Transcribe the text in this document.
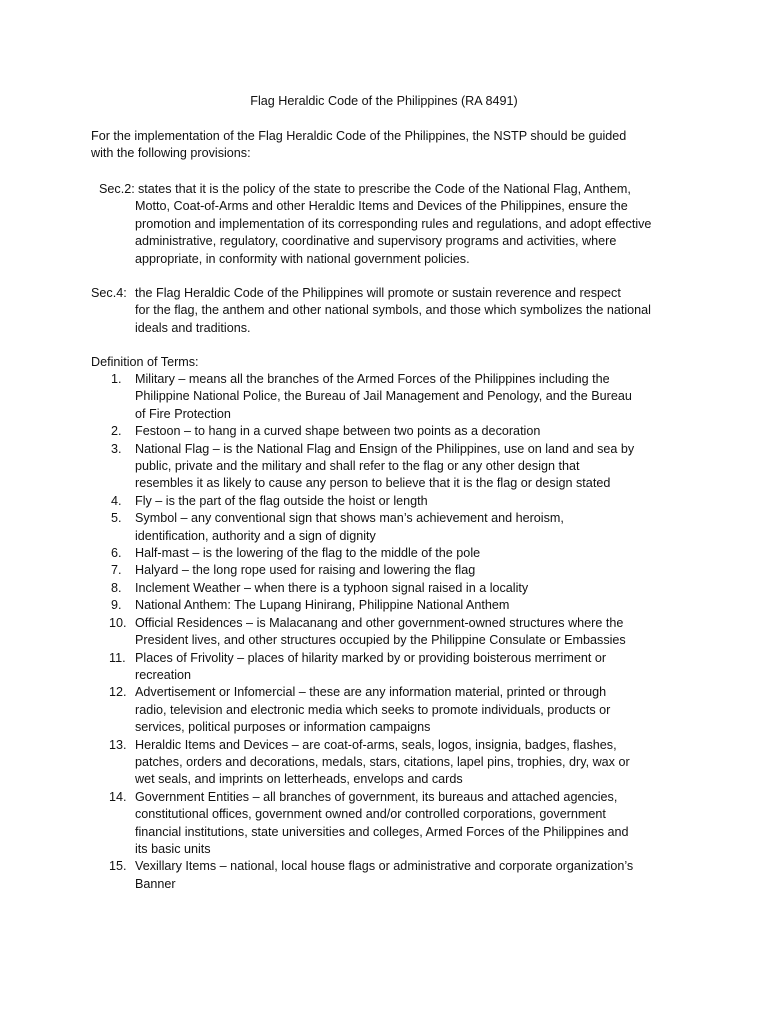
Flag Heraldic Code of the Philippines (RA 8491)
For the implementation of the Flag Heraldic Code of the Philippines, the NSTP should be guided
with the following provisions:
Sec.2: states that it is the policy of the state to prescribe the Code of the National Flag, Anthem,
Motto, Coat-of-Arms and other Heraldic Items and Devices of the Philippines, ensure the
promotion and implementation of its corresponding rules and regulations, and adopt effective
administrative, regulatory, coordinative and supervisory programs and activities, where
appropriate, in conformity with national government policies.
Sec.4: the Flag Heraldic Code of the Philippines will promote or sustain reverence and respect
for the flag, the anthem and other national symbols, and those which symbolizes the national
ideals and traditions.
Definition of Terms:
1.	Military – means all the branches of the Armed Forces of the Philippines including the
Philippine National Police, the Bureau of Jail Management and Penology, and the Bureau
of Fire Protection
2.	Festoon – to hang in a curved shape between two points as a decoration
3.	National Flag – is the National Flag and Ensign of the Philippines, use on land and sea by
public, private and the military and shall refer to the flag or any other design that
resembles it as likely to cause any person to believe that it is the flag or design stated
4.	Fly – is the part of the flag outside the hoist or length
5.	Symbol – any conventional sign that shows man’s achievement and heroism,
identification, authority and a sign of dignity
6.	Half-mast – is the lowering of the flag to the middle of the pole
7.	Halyard – the long rope used for raising and lowering the flag
8.	Inclement Weather – when there is a typhoon signal raised in a locality
9.	National Anthem: The Lupang Hinirang, Philippine National Anthem
10. Official Residences – is Malacanang and other government-owned structures where the
President lives, and other structures occupied by the Philippine Consulate or Embassies
11. Places of Frivolity – places of hilarity marked by or providing boisterous merriment or
recreation
12. Advertisement or Infomercial – these are any information material, printed or through
radio, television and electronic media which seeks to promote individuals, products or
services, political purposes or information campaigns
13. Heraldic Items and Devices – are coat-of-arms, seals, logos, insignia, badges, flashes,
patches, orders and decorations, medals, stars, citations, lapel pins, trophies, dry, wax or
wet seals, and imprints on letterheads, envelops and cards
14. Government Entities – all branches of government, its bureaus and attached agencies,
constitutional offices, government owned and/or controlled corporations, government
financial institutions, state universities and colleges, Armed Forces of the Philippines and
its basic units
15. Vexillary Items – national, local house flags or administrative and corporate organization’s
Banner
